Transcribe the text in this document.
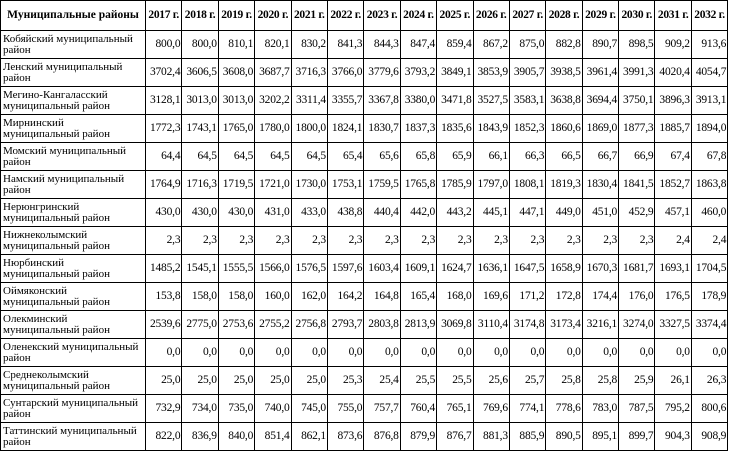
Муниципальные районы	2017 г.	2018 г.	2019 г.	2020 г.	2021 г.	2022 г.	2023 г.	2024 г.	2025 г.	2026 г.	2027 г.	2028 г.	2029 г.	2030 г.	2031 г.	2032 г.
Кобяйский муниципальный район	800,0	800,0	810,1	820,1	830,2	841,3	844,3	847,4	859,4	867,2	875,0	882,8	890,7	898,5	909,2	913,6
Ленский муниципальный район	3702,4	3606,5	3608,0	3687,7	3716,3	3766,0	3779,6	3793,2	3849,1	3853,9	3905,7	3938,5	3961,4	3991,3	4020,4	4054,7
Мегино-Кангаласский муниципальный район	3128,1	3013,0	3013,0	3202,2	3311,4	3355,7	3367,8	3380,0	3471,8	3527,5	3583,1	3638,8	3694,4	3750,1	3896,3	3913,1
Мирнинский муниципальный район	1772,3	1743,1	1765,0	1780,0	1800,0	1824,1	1830,7	1837,3	1835,6	1843,9	1852,3	1860,6	1869,0	1877,3	1885,7	1894,0
Момский муниципальный район	64,4	64,5	64,5	64,5	64,5	65,4	65,6	65,8	65,9	66,1	66,3	66,5	66,7	66,9	67,4	67,8
Намский муниципальный район	1764,9	1716,3	1719,5	1721,0	1730,0	1753,1	1759,5	1765,8	1785,9	1797,0	1808,1	1819,3	1830,4	1841,5	1852,7	1863,8
Нерюнгринский муниципальный район	430,0	430,0	430,0	431,0	433,0	438,8	440,4	442,0	443,2	445,1	447,1	449,0	451,0	452,9	457,1	460,0
Нижнеколымский муниципальный район	2,3	2,3	2,3	2,3	2,3	2,3	2,3	2,3	2,3	2,3	2,3	2,3	2,3	2,3	2,4	2,4
Нюрбинский муниципальный район	1485,2	1545,1	1555,5	1566,0	1576,5	1597,6	1603,4	1609,1	1624,7	1636,1	1647,5	1658,9	1670,3	1681,7	1693,1	1704,5
Оймяконский муниципальный район	153,8	158,0	158,0	160,0	162,0	164,2	164,8	165,4	168,0	169,6	171,2	172,8	174,4	176,0	176,5	178,9
Олекминский муниципальный район	2539,6	2775,0	2753,6	2755,2	2756,8	2793,7	2803,8	2813,9	3069,8	3110,4	3174,8	3173,4	3216,1	3274,0	3327,5	3374,4
Оленекский муниципальный район	0,0	0,0	0,0	0,0	0,0	0,0	0,0	0,0	0,0	0,0	0,0	0,0	0,0	0,0	0,0	0,0
Среднеколымский муниципальный район	25,0	25,0	25,0	25,0	25,0	25,3	25,4	25,5	25,5	25,6	25,7	25,8	25,8	25,9	26,1	26,3
Сунтарский муниципальный район	732,9	734,0	735,0	740,0	745,0	755,0	757,7	760,4	765,1	769,6	774,1	778,6	783,0	787,5	795,2	800,6
Таттинский муниципальный район	822,0	836,9	840,0	851,4	862,1	873,6	876,8	879,9	876,7	881,3	885,9	890,5	895,1	899,7	904,3	908,9
